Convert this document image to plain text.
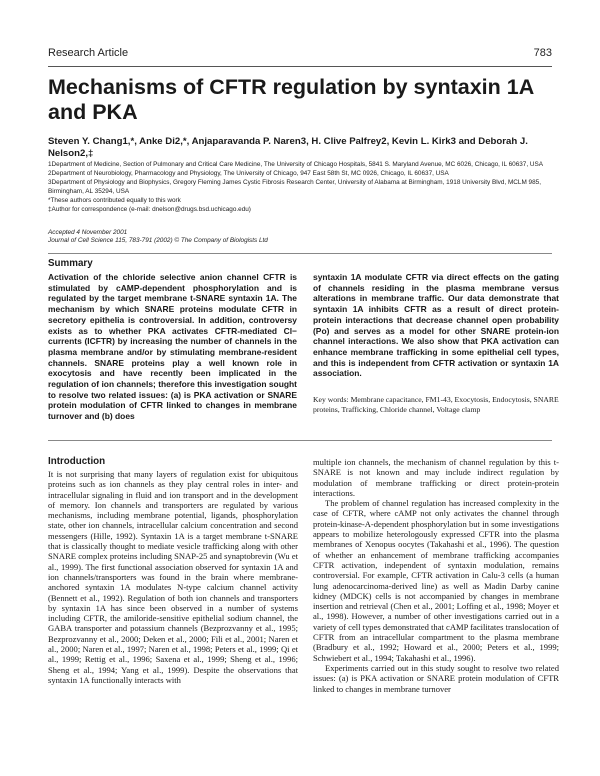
Research Article	783
Mechanisms of CFTR regulation by syntaxin 1A and PKA

Steven Y. Chang1,*, Anke Di2,*, Anjaparavanda P. Naren3, H. Clive Palfrey2, Kevin L. Kirk3 and Deborah J. Nelson2,‡

1Department of Medicine, Section of Pulmonary and Critical Care Medicine, The University of Chicago Hospitals, 5841 S. Maryland Avenue, MC 6026, Chicago, IL 60637, USA

2Department of Neurobiology, Pharmacology and Physiology, The University of Chicago, 947 East 58th St, MC 0926, Chicago, IL 60637, USA

3Department of Physiology and Biophysics, Gregory Fleming James Cystic Fibrosis Research Center, University of Alabama at Birmingham, 1918 University Blvd, MCLM 985, Birmingham, AL 35294, USA

*These authors contributed equally to this work

‡Author for correspondence (e-mail: dnelson@drugs.bsd.uchicago.edu)

Accepted 4 November 2001
Journal of Cell Science 115, 783-791 (2002) © The Company of Biologists Ltd
Summary
Activation of the chloride selective anion channel CFTR is stimulated by cAMP-dependent phosphorylation and is regulated by the target membrane t-SNARE syntaxin 1A. The mechanism by which SNARE proteins modulate CFTR in secretory epithelia is controversial. In addition, controversy exists as to whether PKA activates CFTR-mediated Cl− currents (ICFTR) by increasing the number of channels in the plasma membrane and/or by stimulating membrane-resident channels. SNARE proteins play a well known role in exocytosis and have recently been implicated in the regulation of ion channels; therefore this investigation sought to resolve two related issues: (a) is PKA activation or SNARE protein modulation of CFTR linked to changes in membrane turnover and (b) does
syntaxin 1A modulate CFTR via direct effects on the gating of channels residing in the plasma membrane versus alterations in membrane traffic. Our data demonstrate that syntaxin 1A inhibits CFTR as a result of direct protein-protein interactions that decrease channel open probability (Po) and serves as a model for other SNARE protein-ion channel interactions. We also show that PKA activation can enhance membrane trafficking in some epithelial cell types, and this is independent from CFTR activation or syntaxin 1A association.
Key words: Membrane capacitance, FM1-43, Exocytosis, Endocytosis, SNARE proteins, Trafficking, Chloride channel, Voltage clamp
Introduction

It is not surprising that many layers of regulation exist for ubiquitous proteins such as ion channels as they play central roles in inter- and intracellular signaling in fluid and ion transport and in the development of memory. Ion channels and transporters are regulated by various mechanisms, including membrane potential, ligands, phosphorylation state, other ion channels, intracellular calcium concentration and second messengers (Hille, 1992). Syntaxin 1A is a target membrane t-SNARE that is classically thought to mediate vesicle trafficking along with other SNARE complex proteins including SNAP-25 and synaptobrevin (Wu et al., 1999). The first functional association observed for syntaxin 1A and ion channels/transporters was found in the brain where membrane-anchored syntaxin 1A modulates N-type calcium channel activity (Bennett et al., 1992). Regulation of both ion channels and transporters by syntaxin 1A has since been observed in a number of systems including CFTR, the amiloride-sensitive epithelial sodium channel, the GABA transporter and potassium channels (Bezprozvanny et al., 1995; Bezprozvanny et al., 2000; Deken et al., 2000; Fili et al., 2001; Naren et al., 2000; Naren et al., 1997; Naren et al., 1998; Peters et al., 1999; Qi et al., 1999; Rettig et al., 1996; Saxena et al., 1999; Sheng et al., 1996; Sheng et al., 1994; Yang et al., 1999). Despite the observations that syntaxin 1A functionally interacts with

multiple ion channels, the mechanism of channel regulation by this t-SNARE is not known and may include indirect regulation by modulation of membrane trafficking or direct protein-protein interactions.

The problem of channel regulation has increased complexity in the case of CFTR, where cAMP not only activates the channel through protein-kinase-A-dependent phosphorylation but in some investigations appears to mobilize heterologously expressed CFTR into the plasma membranes of Xenopus oocytes (Takahashi et al., 1996). The question of whether an enhancement of membrane trafficking accompanies CFTR activation, independent of syntaxin modulation, remains controversial. For example, CFTR activation in Calu-3 cells (a human lung adenocarcinoma-derived line) as well as Madin Darby canine kidney (MDCK) cells is not accompanied by changes in membrane insertion and retrieval (Chen et al., 2001; Loffing et al., 1998; Moyer et al., 1998). However, a number of other investigations carried out in a variety of cell types demonstrated that cAMP facilitates translocation of CFTR from an intracellular compartment to the plasma membrane (Bradbury et al., 1992; Howard et al., 2000; Peters et al., 1999; Schwiebert et al., 1994; Takahashi et al., 1996).

Experiments carried out in this study sought to resolve two related issues: (a) is PKA activation or SNARE protein modulation of CFTR linked to changes in membrane turnover
